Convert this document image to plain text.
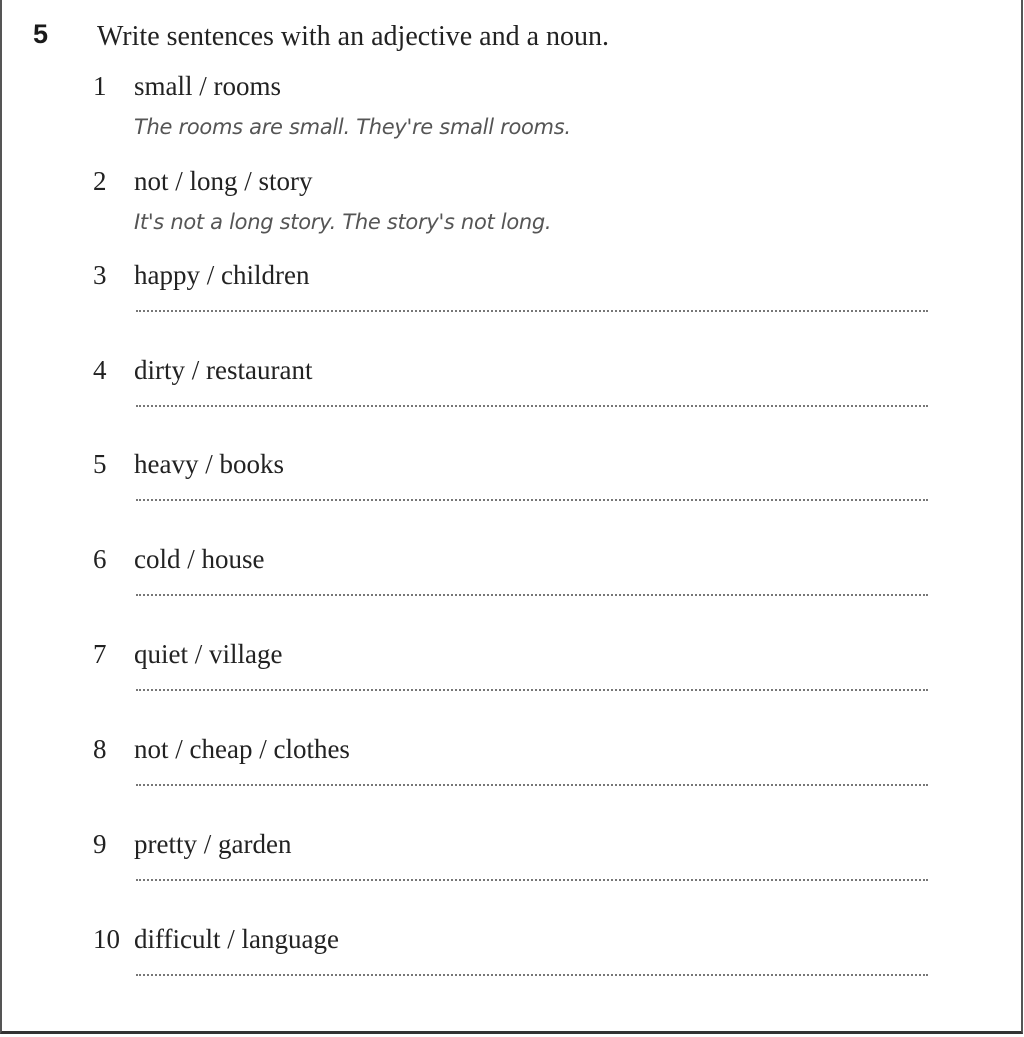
5 Write sentences with an adjective and a noun.
1 small / rooms
The rooms are small. They're small rooms.
2 not / long / story
It's not a long story. The story's not long.
3 happy / children
4 dirty / restaurant
5 heavy / books
6 cold / house
7 quiet / village
8 not / cheap / clothes
9 pretty / garden
10 difficult / language
